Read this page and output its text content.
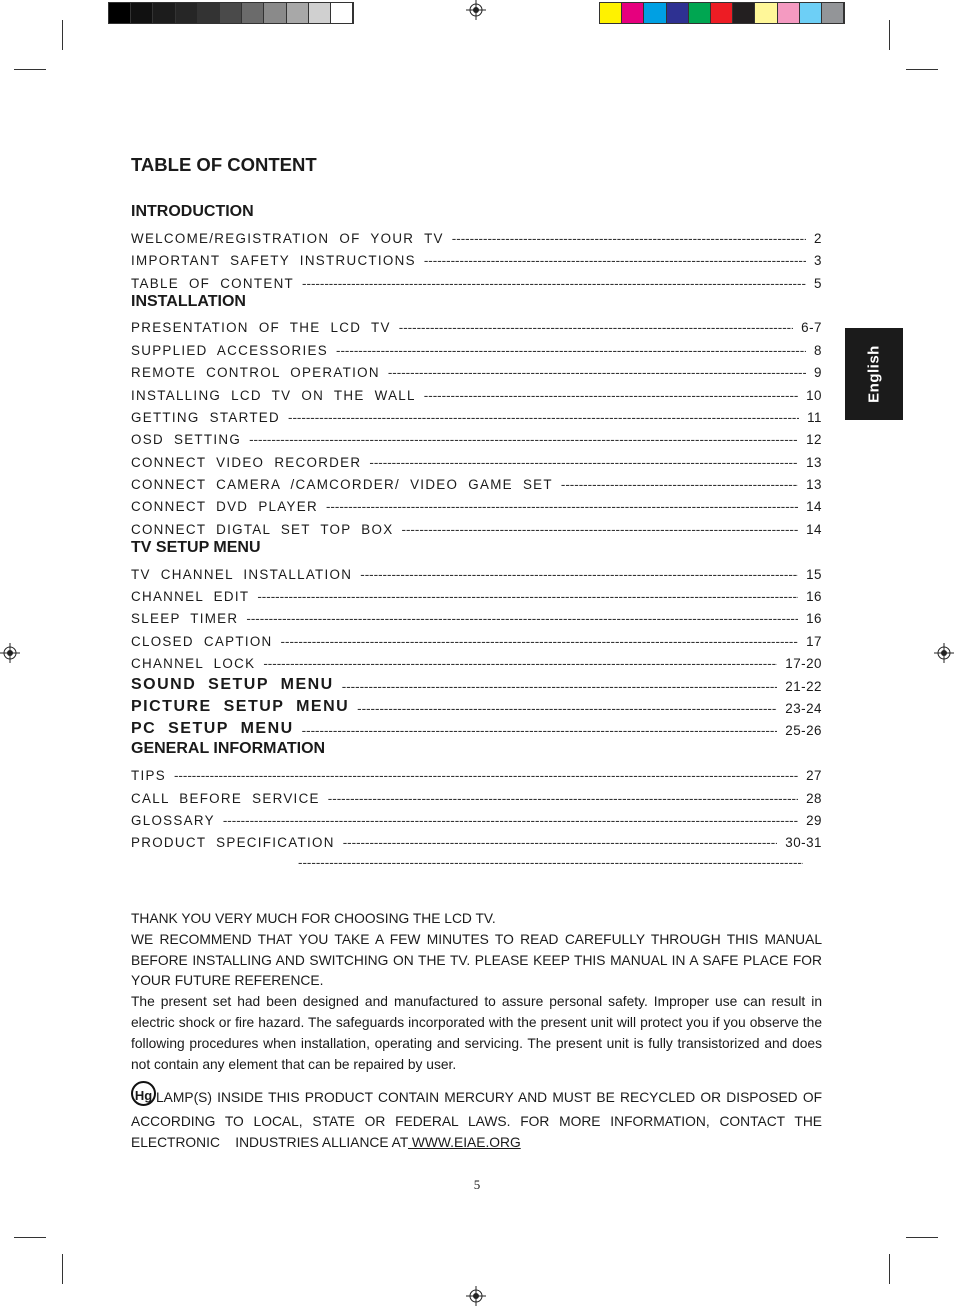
English
TABLE OF CONTENT
INTRODUCTION
WELCOME/REGISTRATION  OF  YOUR  TV -----	2
IMPORTANT  SAFETY  INSTRUCTIONS -----	3
TABLE  OF  CONTENT -----	5
INSTALLATION
PRESENTATION  OF  THE  LCD  TV -----	6-7
SUPPLIED  ACCESSORIES -----	8
REMOTE  CONTROL  OPERATION -----	9
INSTALLING  LCD  TV  ON  THE  WALL -----	10
GETTING  STARTED -----	11
OSD  SETTING -----	12
CONNECT  VIDEO  RECORDER -----	13
CONNECT  CAMERA  /CAMCORDER/  VIDEO  GAME  SET -----	13
CONNECT  DVD  PLAYER -----	14
CONNECT  DIGTAL  SET  TOP  BOX -----	14
TV SETUP MENU
TV  CHANNEL  INSTALLATION -----	15
CHANNEL  EDIT -----	16
SLEEP  TIMER -----	16
CLOSED  CAPTION -----	17
CHANNEL  LOCK -----	17-20
SOUND  SETUP  MENU -----	21-22
PICTURE  SETUP  MENU -----	23-24
PC  SETUP  MENU -----	25-26
GENERAL INFORMATION
TIPS -----	27
CALL  BEFORE  SERVICE -----	28
GLOSSARY -----	29
PRODUCT  SPECIFICATION -----	30-31
-----

THANK YOU VERY MUCH FOR CHOOSING THE LCD TV.

WE RECOMMEND THAT YOU TAKE A FEW MINUTES TO READ CAREFULLY THROUGH THIS MANUAL BEFORE INSTALLING AND SWITCHING ON THE TV. PLEASE KEEP THIS MANUAL IN A SAFE PLACE FOR YOUR FUTURE REFERENCE.

The present set had been designed and manufactured to assure personal safety. Improper use can result in electric shock or fire hazard. The safeguards incorporated with the present unit will protect you if you observe the following procedures when installation, operating and servicing. The present unit is fully transistorized and does not contain any element that can be repaired by user.

Hg LAMP(S) INSIDE THIS PRODUCT CONTAIN MERCURY AND MUST BE RECYCLED OR DISPOSED OF ACCORDING TO LOCAL, STATE OR FEDERAL LAWS. FOR MORE INFORMATION, CONTACT THE ELECTRONIC    INDUSTRIES ALLIANCE AT WWW.EIAE.ORG

5
